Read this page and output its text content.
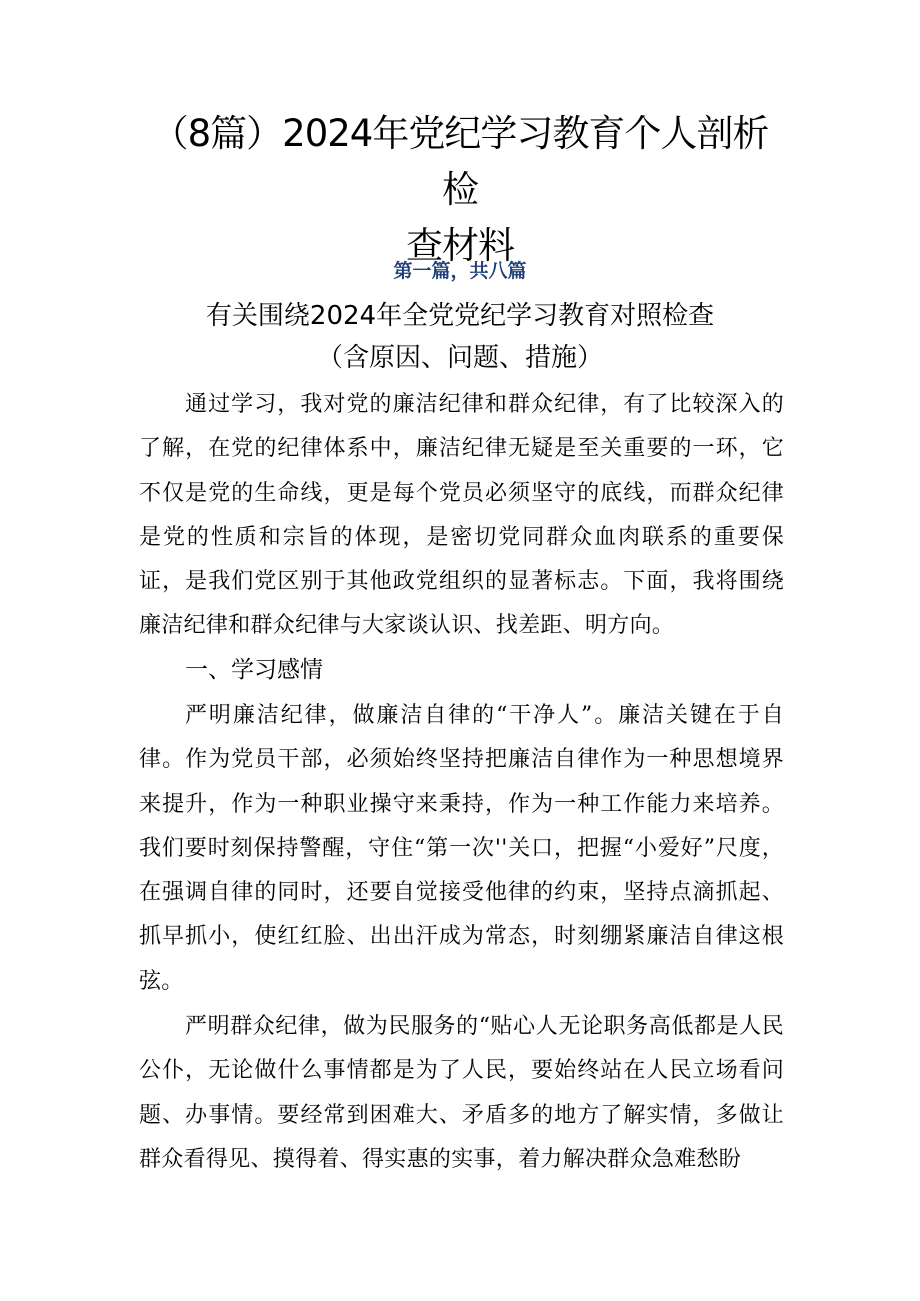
（8篇）2024年党纪学习教育个人剖析检
查材料
第一篇，共八篇
有关围绕2024年全党党纪学习教育对照检查
（含原因、问题、措施）

通过学习，我对党的廉洁纪律和群众纪律，有了比较深入的了解，在党的纪律体系中，廉洁纪律无疑是至关重要的一环，它不仅是党的生命线，更是每个党员必须坚守的底线，而群众纪律是党的性质和宗旨的体现，是密切党同群众血肉联系的重要保证，是我们党区别于其他政党组织的显著标志。下面，我将围绕廉洁纪律和群众纪律与大家谈认识、找差距、明方向。

一、学习感情

严明廉洁纪律，做廉洁自律的“干净人”。廉洁关键在于自律。作为党员干部，必须始终坚持把廉洁自律作为一种思想境界来提升，作为一种职业操守来秉持，作为一种工作能力来培养。我们要时刻保持警醒，守住“第一次''关口，把握“小爱好”尺度，在强调自律的同时，还要自觉接受他律的约束，坚持点滴抓起、抓早抓小，使红红脸、出出汗成为常态，时刻绷紧廉洁自律这根弦。

严明群众纪律，做为民服务的“贴心人无论职务高低都是人民公仆，无论做什么事情都是为了人民，要始终站在人民立场看问题、办事情。要经常到困难大、矛盾多的地方了解实情，多做让群众看得见、摸得着、得实惠的实事，着力解决群众急难愁盼
